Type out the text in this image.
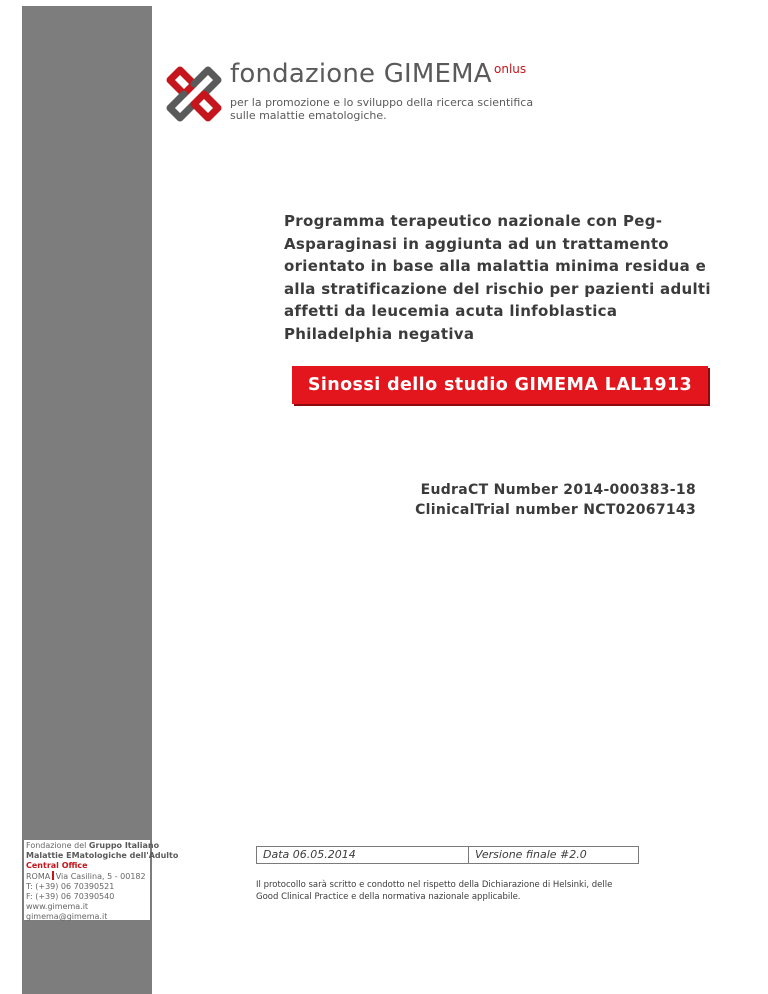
fondazione GIMEMA onlus
per la promozione e lo sviluppo della ricerca scientifica
sulle malattie ematologiche.
Programma terapeutico nazionale con Peg-
Asparaginasi in aggiunta ad un trattamento
orientato in base alla malattia minima residua e
alla stratificazione del rischio per pazienti adulti
affetti da leucemia acuta linfoblastica
Philadelphia negativa
Sinossi dello studio GIMEMA LAL1913
EudraCT Number 2014-000383-18
ClinicalTrial number NCT02067143
Fondazione del Gruppo Italiano
Malattie EMatologiche dell'Adulto
Central Office
ROMA Via Casilina, 5 - 00182
T: (+39) 06 70390521
F: (+39) 06 70390540
www.gimema.it
gimema@gimema.it
Data 06.05.2014	Versione finale #2.0
Il protocollo sarà scritto e condotto nel rispetto della Dichiarazione di Helsinki, delle
Good Clinical Practice e della normativa nazionale applicabile.
